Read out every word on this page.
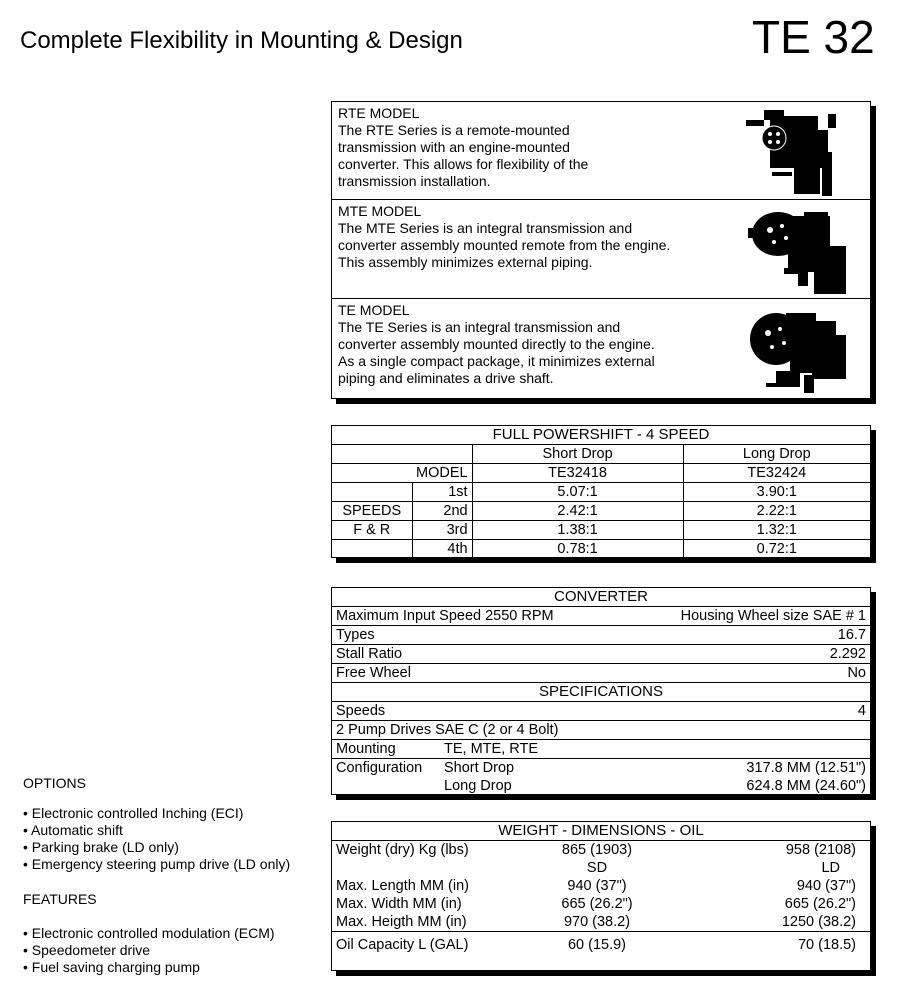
Complete Flexibility in Mounting & Design	TE 32
RTE MODEL
The RTE Series is a remote-mounted
transmission with an engine-mounted
converter. This allows for flexibility of the
transmission installation.
MTE MODEL
The MTE Series is an integral transmission and
converter assembly mounted remote from the engine.
This assembly minimizes external piping.
TE MODEL
The TE Series is an integral transmission and
converter assembly mounted directly to the engine.
As a single compact package, it minimizes external
piping and eliminates a drive shaft.
FULL POWERSHIFT - 4 SPEED			
		Short Drop	Long Drop
	MODEL	TE32418	TE32424
	1st	5.07:1	3.90:1
SPEEDS	2nd	2.42:1	2.22:1
F & R	3rd	1.38:1	1.32:1
	4th	0.78:1	0.72:1
CONVERTER		
Maximum Input Speed 2550 RPM		Housing Wheel size SAE # 1
Types		16.7
Stall Ratio		2.292
Free Wheel		No
SPECIFICATIONS		
Speeds		4
2 Pump Drives SAE C (2 or 4 Bolt)		
Mounting	TE, MTE, RTE	
Configuration	Short Drop	317.8 MM (12.51")
	Long Drop	624.8 MM (24.60")
WEIGHT - DIMENSIONS - OIL		
Weight (dry) Kg (lbs)	865 (1903)	958 (2108)
	SD	LD
Max. Length MM (in)	940 (37")	940 (37")
Max. Width MM (in)	665 (26.2")	665 (26.2")
Max. Heigth MM (in)	970 (38.2)	1250 (38.2)

Oil Capacity L (GAL)	60 (15.9)	70 (18.5)
OPTIONS
• Electronic controlled Inching (ECI)
• Automatic shift
• Parking brake (LD only)
• Emergency steering pump drive (LD only)
FEATURES
• Electronic controlled modulation (ECM)
• Speedometer drive
• Fuel saving charging pump
